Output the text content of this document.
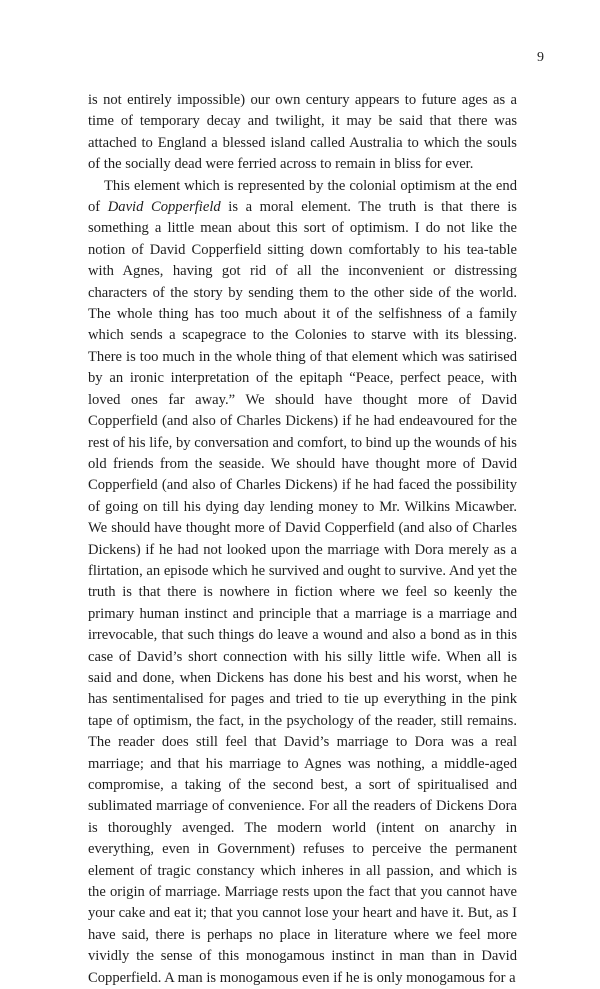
9

is not entirely impossible) our own century appears to future ages as a time of temporary decay and twilight, it may be said that there was attached to England a blessed island called Australia to which the souls of the socially dead were ferried across to remain in bliss for ever.

This element which is represented by the colonial optimism at the end of David Copperfield is a moral element. The truth is that there is something a little mean about this sort of optimism. I do not like the notion of David Copperfield sitting down comfortably to his tea-table with Agnes, having got rid of all the inconvenient or distressing characters of the story by sending them to the other side of the world. The whole thing has too much about it of the selfishness of a family which sends a scapegrace to the Colonies to starve with its blessing. There is too much in the whole thing of that element which was satirised by an ironic interpretation of the epitaph “Peace, perfect peace, with loved ones far away.” We should have thought more of David Copperfield (and also of Charles Dickens) if he had endeavoured for the rest of his life, by conversation and comfort, to bind up the wounds of his old friends from the seaside. We should have thought more of David Copperfield (and also of Charles Dickens) if he had faced the possibility of going on till his dying day lending money to Mr. Wilkins Micawber. We should have thought more of David Copperfield (and also of Charles Dickens) if he had not looked upon the marriage with Dora merely as a flirtation, an episode which he survived and ought to survive. And yet the truth is that there is nowhere in fiction where we feel so keenly the primary human instinct and principle that a marriage is a marriage and irrevocable, that such things do leave a wound and also a bond as in this case of David’s short connection with his silly little wife. When all is said and done, when Dickens has done his best and his worst, when he has sentimentalised for pages and tried to tie up everything in the pink tape of optimism, the fact, in the psychology of the reader, still remains. The reader does still feel that David’s marriage to Dora was a real marriage; and that his marriage to Agnes was nothing, a middle-aged compromise, a taking of the second best, a sort of spiritualised and sublimated marriage of convenience. For all the readers of Dickens Dora is thoroughly avenged. The modern world (intent on anarchy in everything, even in Government) refuses to perceive the permanent element of tragic constancy which inheres in all passion, and which is the origin of marriage. Marriage rests upon the fact that you cannot have your cake and eat it; that you cannot lose your heart and have it. But, as I have said, there is perhaps no place in literature where we feel more vividly the sense of this monogamous instinct in man than in David Copperfield. A man is monogamous even if he is only monogamous for a
